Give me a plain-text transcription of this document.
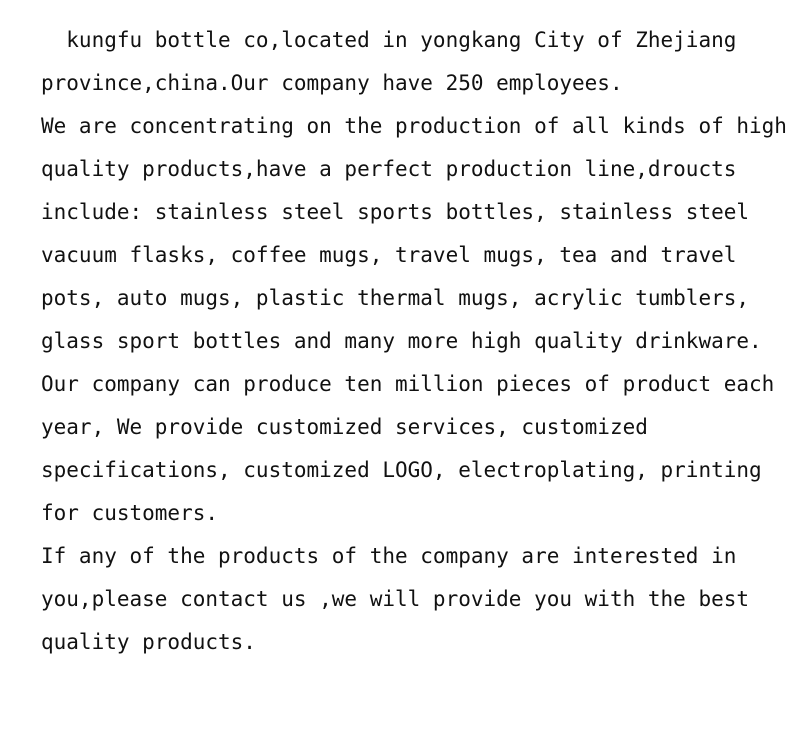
kungfu bottle co,located in yongkang City of Zhejiang
province,china.Our company have 250 employees.
We are concentrating on the production of all kinds of high
quality products,have a perfect production line,droucts
include: stainless steel sports bottles, stainless steel
vacuum flasks, coffee mugs, travel mugs, tea and travel
pots, auto mugs, plastic thermal mugs, acrylic tumblers,
glass sport bottles and many more high quality drinkware.
Our company can produce ten million pieces of product each
year, We provide customized services, customized
specifications, customized LOGO, electroplating, printing
for customers.
If any of the products of the company are interested in
you,please contact us ,we will provide you with the best
quality products.
